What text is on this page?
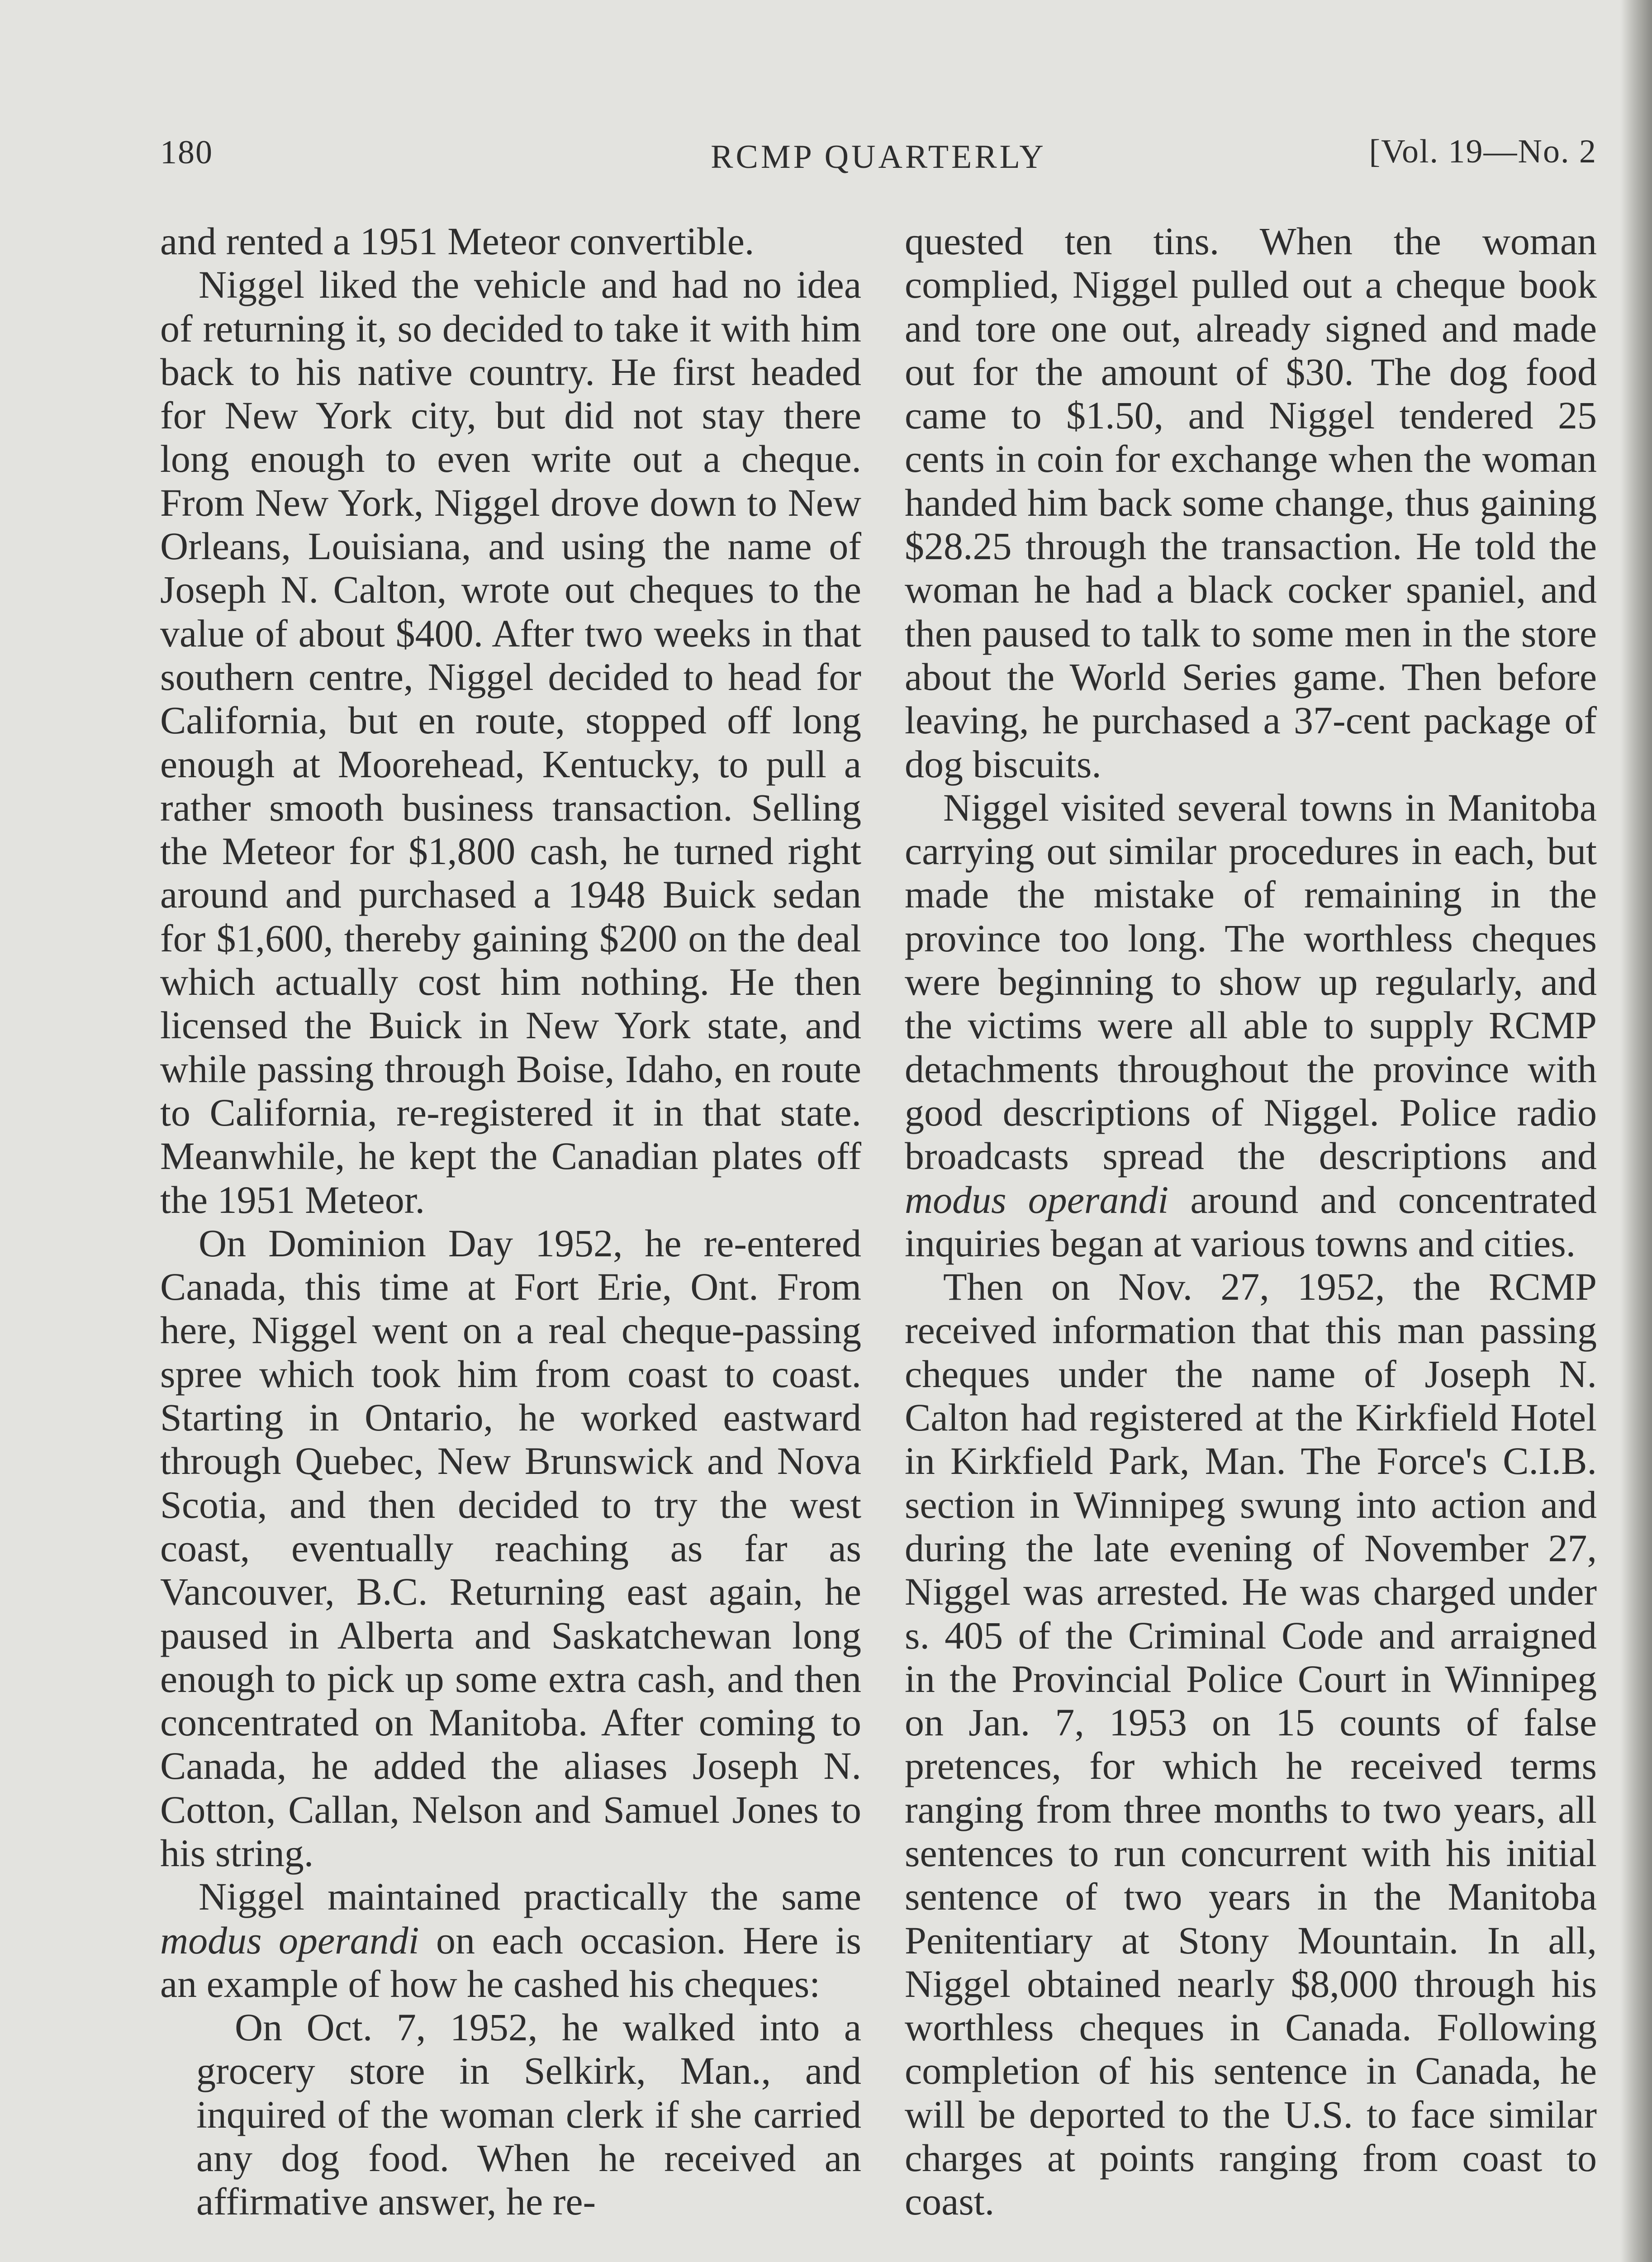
180	RCMP QUARTERLY	[Vol. 19—No. 2

and rented a 1951 Meteor convertible.

Niggel liked the vehicle and had no idea of returning it, so decided to take it with him back to his native country. He first headed for New York city, but did not stay there long enough to even write out a cheque. From New York, Niggel drove down to New Orleans, Louisiana, and using the name of Joseph N. Calton, wrote out cheques to the value of about $400. After two weeks in that southern centre, Niggel decided to head for California, but en route, stopped off long enough at Moorehead, Kentucky, to pull a rather smooth business transaction. Selling the Meteor for $1,800 cash, he turned right around and purchased a 1948 Buick sedan for $1,600, thereby gaining $200 on the deal which actually cost him nothing. He then licensed the Buick in New York state, and while passing through Boise, Idaho, en route to California, re-registered it in that state. Meanwhile, he kept the Canadian plates off the 1951 Meteor.

On Dominion Day 1952, he re-entered Canada, this time at Fort Erie, Ont. From here, Niggel went on a real cheque-passing spree which took him from coast to coast. Starting in Ontario, he worked eastward through Quebec, New Brunswick and Nova Scotia, and then decided to try the west coast, eventually reaching as far as Vancouver, B.C. Returning east again, he paused in Alberta and Saskatchewan long enough to pick up some extra cash, and then concentrated on Manitoba. After coming to Canada, he added the aliases Joseph N. Cotton, Callan, Nelson and Samuel Jones to his string.

Niggel maintained practically the same modus operandi on each occasion. Here is an example of how he cashed his cheques:

On Oct. 7, 1952, he walked into a grocery store in Selkirk, Man., and inquired of the woman clerk if she carried any dog food. When he received an affirmative answer, he re-

quested ten tins. When the woman complied, Niggel pulled out a cheque book and tore one out, already signed and made out for the amount of $30. The dog food came to $1.50, and Niggel tendered 25 cents in coin for exchange when the woman handed him back some change, thus gaining $28.25 through the transaction. He told the woman he had a black cocker spaniel, and then paused to talk to some men in the store about the World Series game. Then before leaving, he purchased a 37-cent package of dog biscuits.

Niggel visited several towns in Manitoba carrying out similar procedures in each, but made the mistake of remaining in the province too long. The worthless cheques were beginning to show up regularly, and the victims were all able to supply RCMP detachments throughout the province with good descriptions of Niggel. Police radio broadcasts spread the descriptions and modus operandi around and concentrated inquiries began at various towns and cities.

Then on Nov. 27, 1952, the RCMP received information that this man passing cheques under the name of Joseph N. Calton had registered at the Kirkfield Hotel in Kirkfield Park, Man. The Force's C.I.B. section in Winnipeg swung into action and during the late evening of November 27, Niggel was arrested. He was charged under s. 405 of the Criminal Code and arraigned in the Provincial Police Court in Winnipeg on Jan. 7, 1953 on 15 counts of false pretences, for which he received terms ranging from three months to two years, all sentences to run concurrent with his initial sentence of two years in the Manitoba Penitentiary at Stony Mountain. In all, Niggel obtained nearly $8,000 through his worthless cheques in Canada. Following completion of his sentence in Canada, he will be deported to the U.S. to face similar charges at points ranging from coast to coast.
